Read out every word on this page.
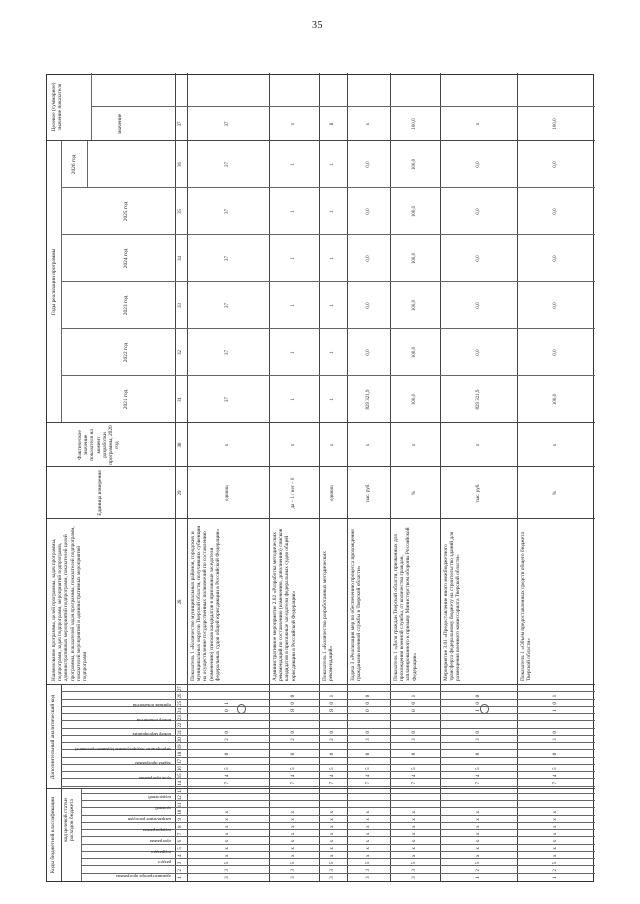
35
Коды бюджетной классификации код целевой статьи расходов бюджета
Дополнительный аналитический код
Наименование программы, целей программы, задач программы, подпрограмм, задач подпрограмм, мероприятий подпрограмм, административных мероприятий подпрограмм, показателей целей программы, показателей задач программы, показателей подпрограмм, показателей мероприятий и административных мероприятий подпрограмм
Единица измерения
Фактическое значение показателя на момент разработки программы, 2020 год
Годы реализации программы
Целевое (суммарное) значение показателя	значение
2021 год
2022 год
2023 год
2024 год
2025 год
2026 год
раздел
подраздел
программа
подпрограмма
направление расходов
целевой
подцелевой
администратора программы
цель программы
задача программы
мероприятие подпрограммы (административное)
номер мероприятия
номер показателя
признак показателя
1
2
3
4
5
6
7
8
9
10
11
12
13
14
15
16
17
18
19
20
21
22
23
24
25
26
27
28
29
30
31
32
33
34
35
36
37
Показатель 1 «Количество муниципальных районов, городских и муниципальных округов Тверской области, получивших субвенции на осуществление государственных полномочий по составлению (изменению) списков кандидатов в присяжные заседатели федеральных судов общей юрисдикции в Российской Федерации»
единиц
x
37
37
37
37
37
37
37
3
3
5
x
x
x
x
x
x
x
7
4
5
0
2
0
0
1
Административное мероприятие 2.02 «Разработка методических рекомендаций по составлению (изменению, дополнению) списков кандидатов в присяжные заседатели федеральных судов общей юрисдикции в Российской Федерации»
да – 1 / нет – 0
x
1
1
1
1
1
1
x
3
3
5
x
x
x
x
x
x
x
7
4
5
0
2
0
Я
0
0
Показатель 1 «Количество разработанных методических рекомендаций»
единиц
x
1
1
1
1
1
1
6
3
3
5
x
x
x
x
x
x
x
7
4
5
0
2
0
Я
0
1
Задача 3 «Реализация мер по обеспечению процесса прохождения гражданами военной службы в Тверской области»
тыс. руб.
x
829 321,9
0,0
0,0
0,0
0,0
0,0
x
3
3
5
x
x
x
x
x
x
x
7
4
5
0
3
0
0
0
0
Показатель 1 «Доля граждан Тверской области, призванных для прохождения военной службы, от количества граждан, запланированного к призыву Министерством обороны Российской Федерации»
%
x
100,0
100,0
100,0
100,0
100,0
100,0
100,0
3
3
5
x
x
x
x
x
x
x
7
4
5
0
3
0
0
0
1
Мероприятие 3.01 «Предоставление иного межбюджетного трансферта федеральному бюджету на строительство зданий для размещения военного комиссариата Тверской области»
тыс. руб.
x
829 321,9
0,0
0,0
0,0
0,0
0,0
x
1
2
5
x
x
x
x
x
x
x
7
4
5
0
3
0
1
0
0
Показатель 1 «Объем предоставленных средств общего бюджета Тверской области»
%
x
100,0
0,0
0,0
0,0
0,0
0,0
100,0
1
2
5
x
x
x
x
x
x
x
7
4
5
0
3
0
1
0
1
